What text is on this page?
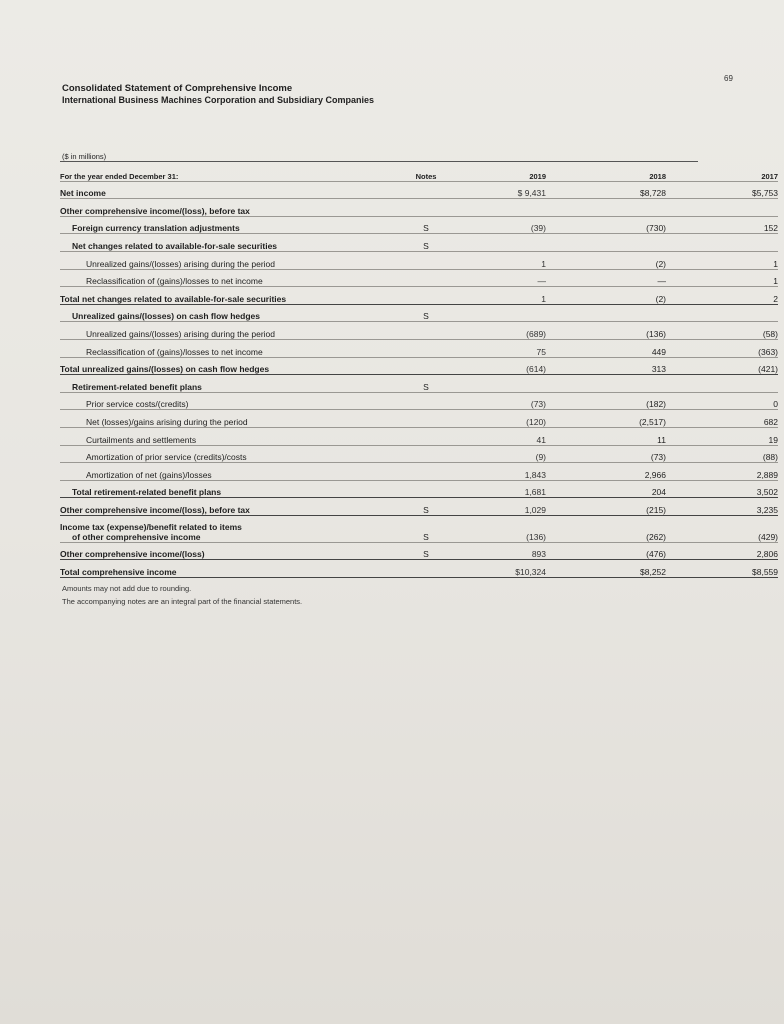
69
Consolidated Statement of Comprehensive Income
International Business Machines Corporation and Subsidiary Companies
($ in millions)
For the year ended December 31:	Notes		2019		2018		2017
Net income			$ 9,431		$8,728		$5,753
Other comprehensive income/(loss), before tax							
Foreign currency translation adjustments	S		(39)		(730)		152
Net changes related to available-for-sale securities	S						
Unrealized gains/(losses) arising during the period			1		(2)		1
Reclassification of (gains)/losses to net income			—		—		1
Total net changes related to available-for-sale securities			1		(2)		2
Unrealized gains/(losses) on cash flow hedges	S						
Unrealized gains/(losses) arising during the period			(689)		(136)		(58)
Reclassification of (gains)/losses to net income			75		449		(363)
Total unrealized gains/(losses) on cash flow hedges			(614)		313		(421)
Retirement-related benefit plans	S						
Prior service costs/(credits)			(73)		(182)		0
Net (losses)/gains arising during the period			(120)		(2,517)		682
Curtailments and settlements			41		11		19
Amortization of prior service (credits)/costs			(9)		(73)		(88)
Amortization of net (gains)/losses			1,843		2,966		2,889
Total retirement-related benefit plans			1,681		204		3,502
Other comprehensive income/(loss), before tax	S		1,029		(215)		3,235

Income tax (expense)/benefit related to items
of other comprehensive income	S		(136)		(262)		(429)
Other comprehensive income/(loss)	S		893		(476)		2,806
Total comprehensive income			$10,324		$8,252		$8,559

Amounts may not add due to rounding.

The accompanying notes are an integral part of the financial statements.
